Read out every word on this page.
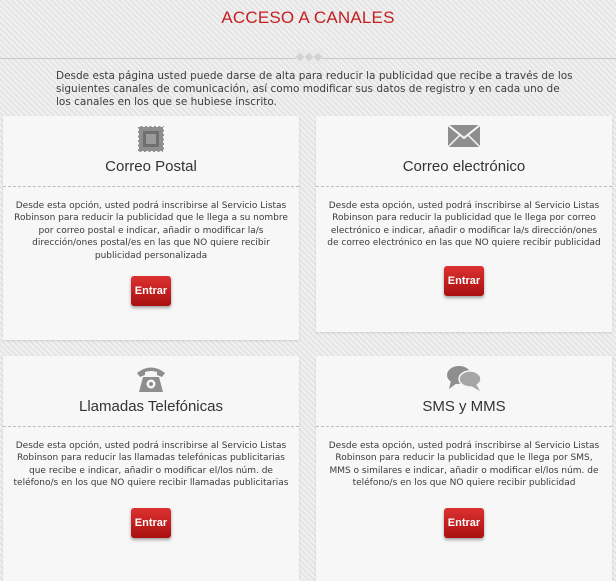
ACCESO A CANALES
Desde esta página usted puede darse de alta para reducir la publicidad que recibe a través de los siguientes canales de comunicación, así como modificar sus datos de registro y en cada uno de los canales en los que se hubiese inscrito.
Correo Postal
Desde esta opción, usted podrá inscribirse al Servicio Listas Robinson para reducir la publicidad que le llega a su nombre por correo postal e indicar, añadir o modificar la/s dirección/ones postal/es en las que NO quiere recibir publicidad personalizada
Entrar
Correo electrónico
Desde esta opción, usted podrá inscribirse al Servicio Listas Robinson para reducir la publicidad que le llega por correo electrónico e indicar, añadir o modificar la/s dirección/ones de correo electrónico en las que NO quiere recibir publicidad
Entrar
Llamadas Telefónicas
Desde esta opción, usted podrá inscribirse al Servicio Listas Robinson para reducir las llamadas telefónicas publicitarias que recibe e indicar, añadir o modificar el/los núm. de teléfono/s en los que NO quiere recibir llamadas publicitarias
Entrar
SMS y MMS
Desde esta opción, usted podrá inscribirse al Servicio Listas Robinson para reducir la publicidad que le llega por SMS, MMS o similares e indicar, añadir o modificar el/los núm. de teléfono/s en los que NO quiere recibir publicidad
Entrar
